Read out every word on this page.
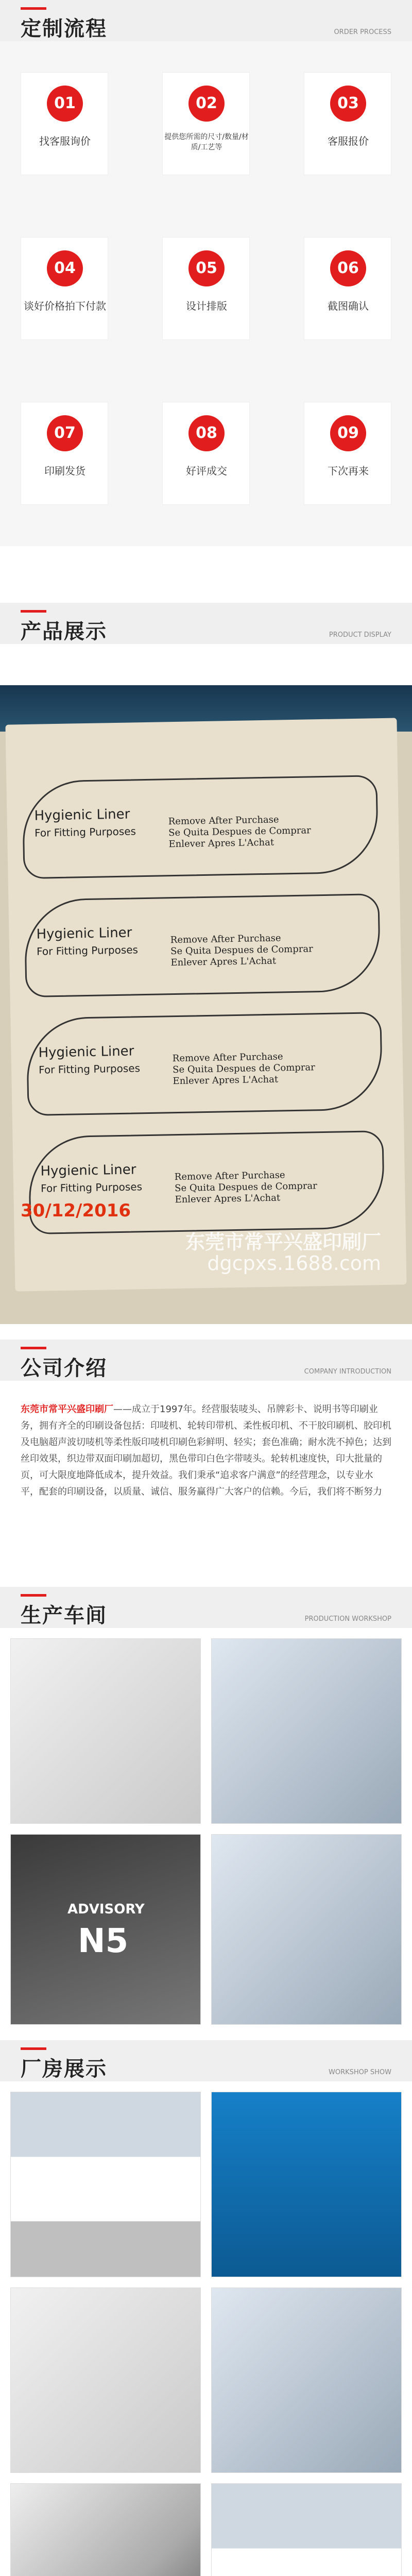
定制流程	ORDER PROCESS
01
找客服询价
02
提供您所需的尺寸/数量/材质/工艺等
03
客服报价
04
谈好价格拍下付款
05
设计排版
06
截图确认
07
印刷发货
08
好评成交
09
下次再来
产品展示	PRODUCT DISPLAY
Hygienic Liner
For Fitting Purposes
Remove After Purchase
Se Quita Despues de Comprar
Enlever Apres L'Achat
Hygienic Liner
For Fitting Purposes
Remove After Purchase
Se Quita Despues de Comprar
Enlever Apres L'Achat
Hygienic Liner
For Fitting Purposes
Remove After Purchase
Se Quita Despues de Comprar
Enlever Apres L'Achat
Hygienic Liner
For Fitting Purposes
Remove After Purchase
Se Quita Despues de Comprar
Enlever Apres L'Achat
30/12/2016
东莞市常平兴盛印刷厂
dgcpxs.1688.com
公司介绍	COMPANY INTRODUCTION
东莞市常平兴盛印刷厂——成立于1997年。经营服装唛头、吊牌彩卡、说明书等印刷业务，拥有齐全的印刷设备包括：印唛机、轮转印带机、柔性板印机、不干胶印刷机、胶印机及电脑超声波切唛机等柔性版印唛机印刷色彩鲜明、轻实；套色准确；耐水洗不掉色；达到丝印效果，织边带双面印刷加超切，黑色带印白色字带唛头。轮转机速度快，印大批量的页，可大限度地降低成本，提升效益。我们秉承“追求客户满意”的经营理念，以专业水平，配套的印刷设备，以质量、诚信、服务赢得广大客户的信赖。今后，我们将不断努力
生产车间	PRODUCTION WORKSHOP
ADVISORY
N5
厂房展示	WORKSHOP SHOW
